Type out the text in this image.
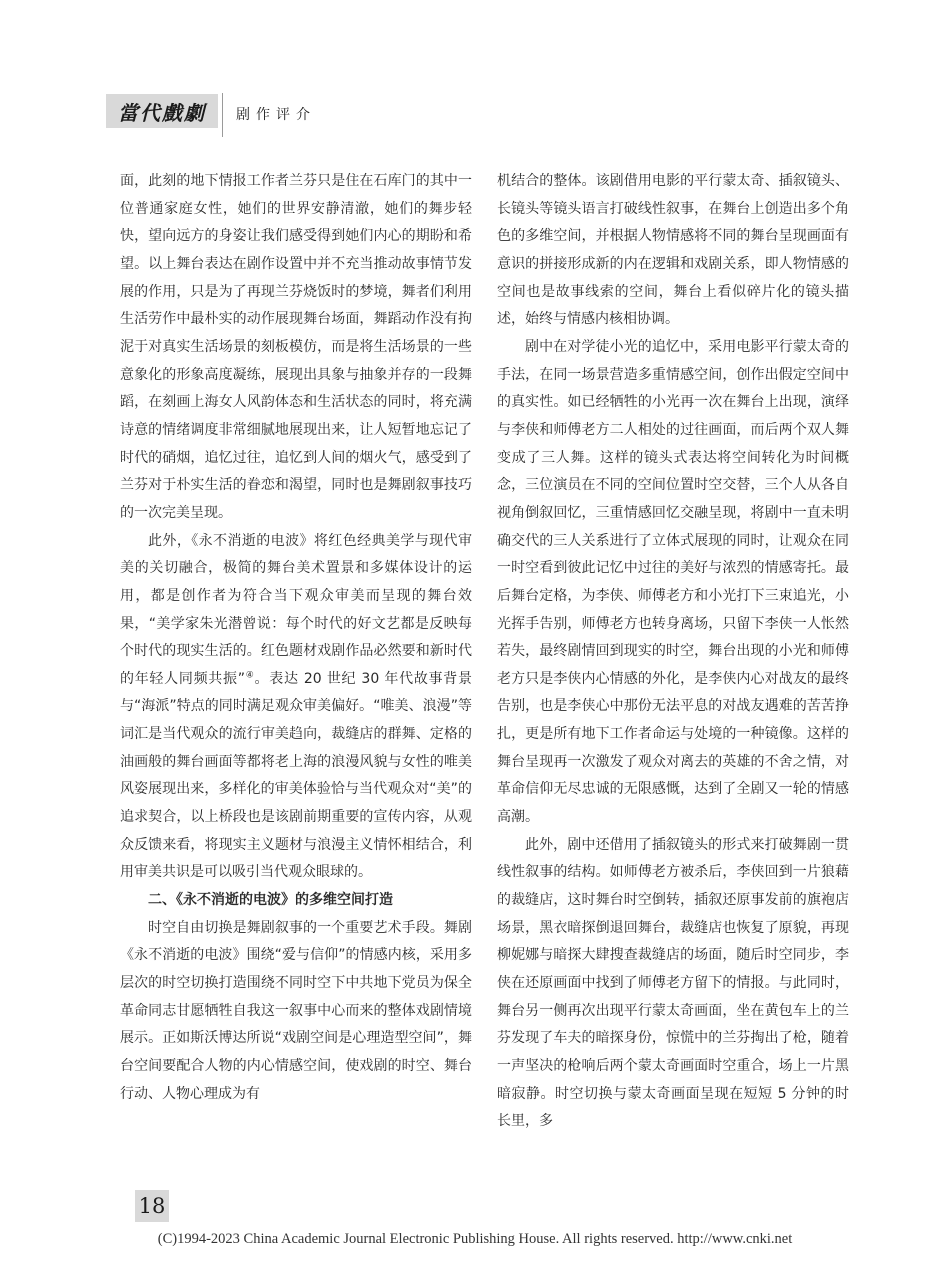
當代戲劇	剧作评介

面，此刻的地下情报工作者兰芬只是住在石库门的其中一位普通家庭女性，她们的世界安静清澈，她们的舞步轻快，望向远方的身姿让我们感受得到她们内心的期盼和希望。以上舞台表达在剧作设置中并不充当推动故事情节发展的作用，只是为了再现兰芬烧饭时的梦境，舞者们利用生活劳作中最朴实的动作展现舞台场面，舞蹈动作没有拘泥于对真实生活场景的刻板模仿，而是将生活场景的一些意象化的形象高度凝练，展现出具象与抽象并存的一段舞蹈，在刻画上海女人风韵体态和生活状态的同时，将充满诗意的情绪调度非常细腻地展现出来，让人短暂地忘记了时代的硝烟，追忆过往，追忆到人间的烟火气，感受到了兰芬对于朴实生活的眷恋和渴望，同时也是舞剧叙事技巧的一次完美呈现。

此外，《永不消逝的电波》将红色经典美学与现代审美的关切融合，极简的舞台美术置景和多媒体设计的运用，都是创作者为符合当下观众审美而呈现的舞台效果，“美学家朱光潜曾说：每个时代的好文艺都是反映每个时代的现实生活的。红色题材戏剧作品必然要和新时代的年轻人同频共振”④。表达 20 世纪 30 年代故事背景与“海派”特点的同时满足观众审美偏好。“唯美、浪漫”等词汇是当代观众的流行审美趋向，裁缝店的群舞、定格的油画般的舞台画面等都将老上海的浪漫风貌与女性的唯美风姿展现出来，多样化的审美体验恰与当代观众对“美”的追求契合，以上桥段也是该剧前期重要的宣传内容，从观众反馈来看，将现实主义题材与浪漫主义情怀相结合，利用审美共识是可以吸引当代观众眼球的。

二、《永不消逝的电波》的多维空间打造

时空自由切换是舞剧叙事的一个重要艺术手段。舞剧《永不消逝的电波》围绕“爱与信仰”的情感内核，采用多层次的时空切换打造围绕不同时空下中共地下党员为保全革命同志甘愿牺牲自我这一叙事中心而来的整体戏剧情境展示。正如斯沃博达所说“戏剧空间是心理造型空间”，舞台空间要配合人物的内心情感空间，使戏剧的时空、舞台行动、人物心理成为有

机结合的整体。该剧借用电影的平行蒙太奇、插叙镜头、长镜头等镜头语言打破线性叙事，在舞台上创造出多个角色的多维空间，并根据人物情感将不同的舞台呈现画面有意识的拼接形成新的内在逻辑和戏剧关系，即人物情感的空间也是故事线索的空间，舞台上看似碎片化的镜头描述，始终与情感内核相协调。

剧中在对学徒小光的追忆中，采用电影平行蒙太奇的手法，在同一场景营造多重情感空间，创作出假定空间中的真实性。如已经牺牲的小光再一次在舞台上出现，演绎与李侠和师傅老方二人相处的过往画面，而后两个双人舞变成了三人舞。这样的镜头式表达将空间转化为时间概念，三位演员在不同的空间位置时空交替，三个人从各自视角倒叙回忆，三重情感回忆交融呈现，将剧中一直未明确交代的三人关系进行了立体式展现的同时，让观众在同一时空看到彼此记忆中过往的美好与浓烈的情感寄托。最后舞台定格，为李侠、师傅老方和小光打下三束追光，小光挥手告别，师傅老方也转身离场，只留下李侠一人怅然若失，最终剧情回到现实的时空，舞台出现的小光和师傅老方只是李侠内心情感的外化，是李侠内心对战友的最终告别，也是李侠心中那份无法平息的对战友遇难的苦苦挣扎，更是所有地下工作者命运与处境的一种镜像。这样的舞台呈现再一次激发了观众对离去的英雄的不舍之情，对革命信仰无尽忠诚的无限感慨，达到了全剧又一轮的情感高潮。

此外，剧中还借用了插叙镜头的形式来打破舞剧一贯线性叙事的结构。如师傅老方被杀后，李侠回到一片狼藉的裁缝店，这时舞台时空倒转，插叙还原事发前的旗袍店场景，黑衣暗探倒退回舞台，裁缝店也恢复了原貌，再现柳妮娜与暗探大肆搜查裁缝店的场面，随后时空同步，李侠在还原画面中找到了师傅老方留下的情报。与此同时，舞台另一侧再次出现平行蒙太奇画面，坐在黄包车上的兰芬发现了车夫的暗探身份，惊慌中的兰芬掏出了枪，随着一声坚决的枪响后两个蒙太奇画面时空重合，场上一片黑暗寂静。时空切换与蒙太奇画面呈现在短短 5 分钟的时长里，多

18
(C)1994-2023 China Academic Journal Electronic Publishing House. All rights reserved. http://www.cnki.net
